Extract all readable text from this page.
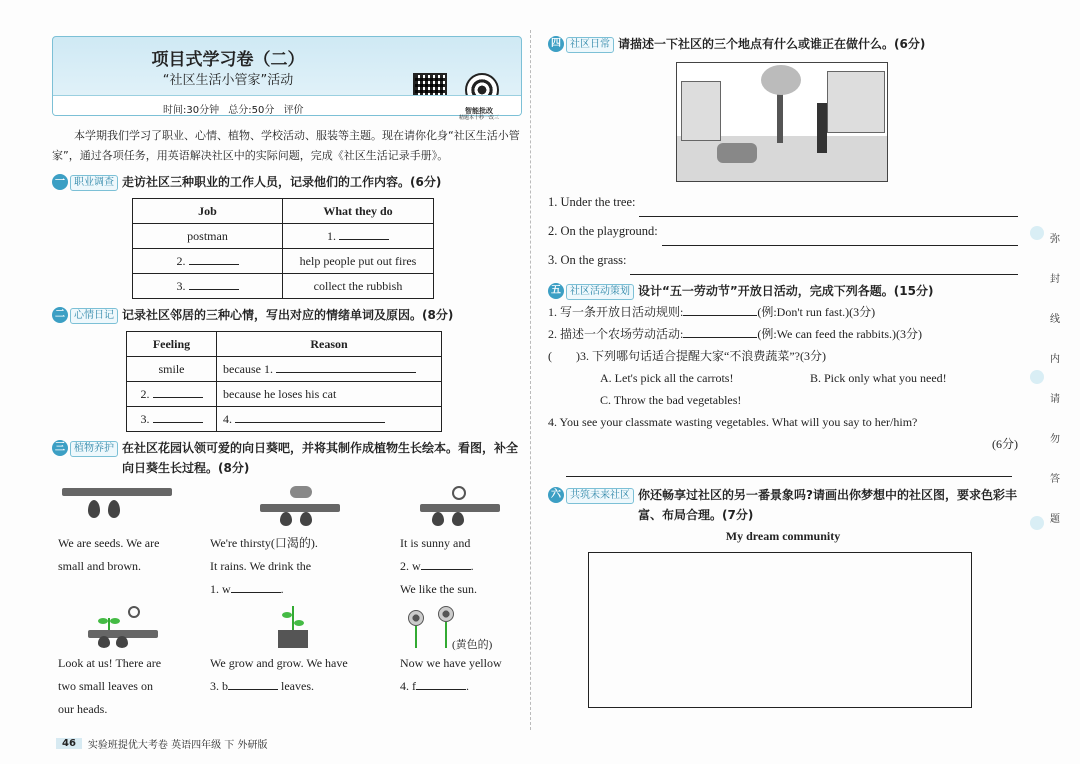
项目式学习卷（二）
“社区生活小管家”活动
时间:30分钟 总分:50分 评价	智能批改
精题本十秒一改三
本学期我们学习了职业、心情、植物、学校活动、服装等主题。现在请你化身“社区生活小管家”，通过各项任务，用英语解决社区中的实际问题，完成《社区生活记录手册》。
一 职业调查 走访社区三种职业的工作人员，记录他们的工作内容。(6分)
Job	What they do
postman	1.
2.	help people put out fires
3.	collect the rubbish
二 心情日记 记录社区邻居的三种心情，写出对应的情绪单词及原因。(8分)
Feeling	Reason
smile	because 1.
2.	because he loses his cat
3.	4.
三 植物养护 在社区花园认领可爱的向日葵吧，并将其制作成植物生长绘本。看图，补全向日葵生长过程。(8分)
We are seeds. We are
small and brown.
We're thirsty(口渴的).
It rains. We drink the
1. w	.
It is sunny and
2. w	.
We like the sun.
Look at us! There are
two small leaves on
our heads.
We grow and grow. We have
3. b	leaves.
(黄色的)
Now we have yellow
4. f	.
四 社区日常 请描述一下社区的三个地点有什么或谁正在做什么。(6分)
1. Under the tree:
2. On the playground:
3. On the grass:
五 社区活动策划 设计“五一劳动节”开放日活动，完成下列各题。(15分)
1. 写一条开放日活动规则:	(例:Don't run fast.)(3分)
2. 描述一个农场劳动活动:	(例:We can feed the rabbits.)(3分)
( )3. 下列哪句话适合提醒大家“不浪费蔬菜”?(3分)
A. Let's pick all the carrots!	B. Pick only what you need!
C. Throw the bad vegetables!
4. You see your classmate wasting vegetables. What will you say to her/him?
(6分)
六 共筑未来社区 你还畅享过社区的另一番景象吗?请画出你梦想中的社区图，要求色彩丰富、布局合理。(7分)
My dream community
弥
封
线
内
请
勿
答
题
46	实验班提优大考卷 英语四年级 下 外研版
